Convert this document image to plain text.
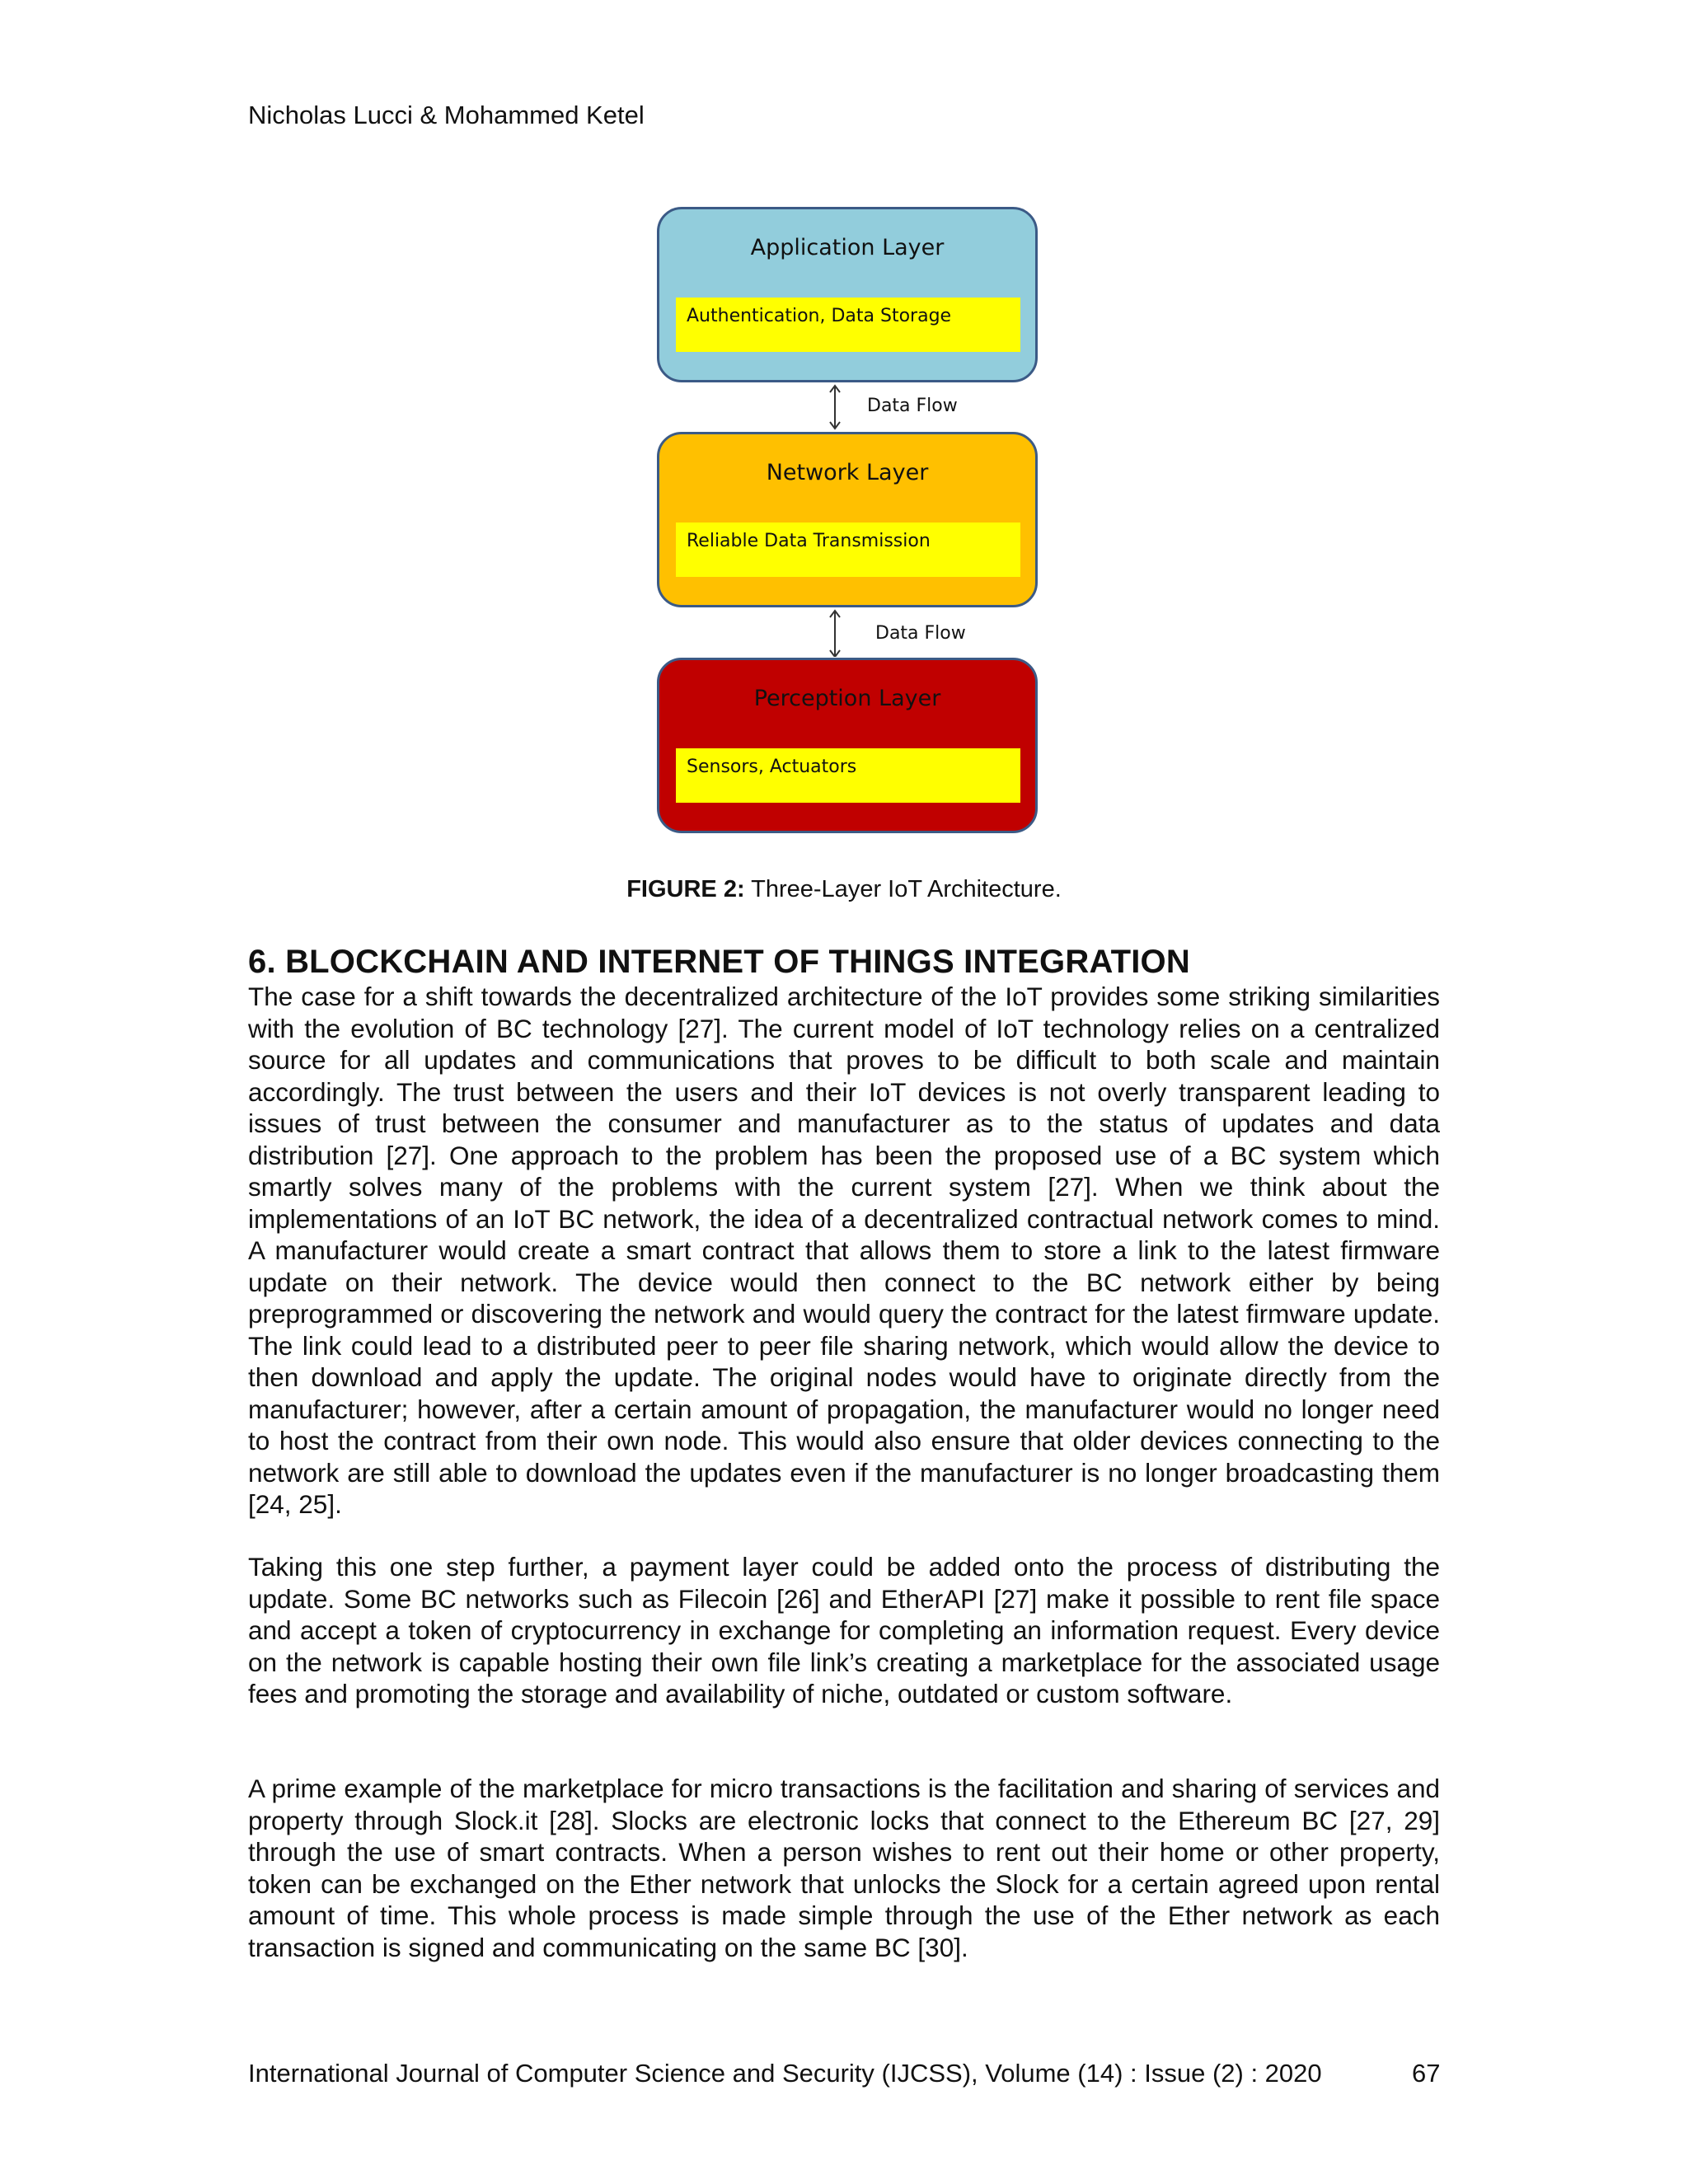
Nicholas Lucci & Mohammed Ketel
Application Layer
Authentication, Data Storage
Data Flow
Network Layer
Reliable Data Transmission
Data Flow
Perception Layer
Sensors, Actuators
FIGURE 2: Three-Layer IoT Architecture.
6. BLOCKCHAIN AND INTERNET OF THINGS INTEGRATION

The case for a shift towards the decentralized architecture of the IoT provides some striking similarities with the evolution of BC technology [27]. The current model of IoT technology relies on a centralized source for all updates and communications that proves to be difficult to both scale and maintain accordingly. The trust between the users and their IoT devices is not overly transparent leading to issues of trust between the consumer and manufacturer as to the status of updates and data distribution [27]. One approach to the problem has been the proposed use of a BC system which smartly solves many of the problems with the current system [27]. When we think about the implementations of an IoT BC network, the idea of a decentralized contractual network comes to mind. A manufacturer would create a smart contract that allows them to store a link to the latest firmware update on their network. The device would then connect to the BC network either by being preprogrammed or discovering the network and would query the contract for the latest firmware update. The link could lead to a distributed peer to peer file sharing network, which would allow the device to then download and apply the update. The original nodes would have to originate directly from the manufacturer; however, after a certain amount of propagation, the manufacturer would no longer need to host the contract from their own node. This would also ensure that older devices connecting to the network are still able to download the updates even if the manufacturer is no longer broadcasting them [24, 25].

Taking this one step further, a payment layer could be added onto the process of distributing the update. Some BC networks such as Filecoin [26] and EtherAPI [27] make it possible to rent file space and accept a token of cryptocurrency in exchange for completing an information request. Every device on the network is capable hosting their own file link’s creating a marketplace for the associated usage fees and promoting the storage and availability of niche, outdated or custom software.

A prime example of the marketplace for micro transactions is the facilitation and sharing of services and property through Slock.it [28]. Slocks are electronic locks that connect to the Ethereum BC [27, 29] through the use of smart contracts. When a person wishes to rent out their home or other property, token can be exchanged on the Ether network that unlocks the Slock for a certain agreed upon rental amount of time. This whole process is made simple through the use of the Ether network as each transaction is signed and communicating on the same BC [30].

International Journal of Computer Science and Security (IJCSS), Volume (14) : Issue (2) : 2020	67
